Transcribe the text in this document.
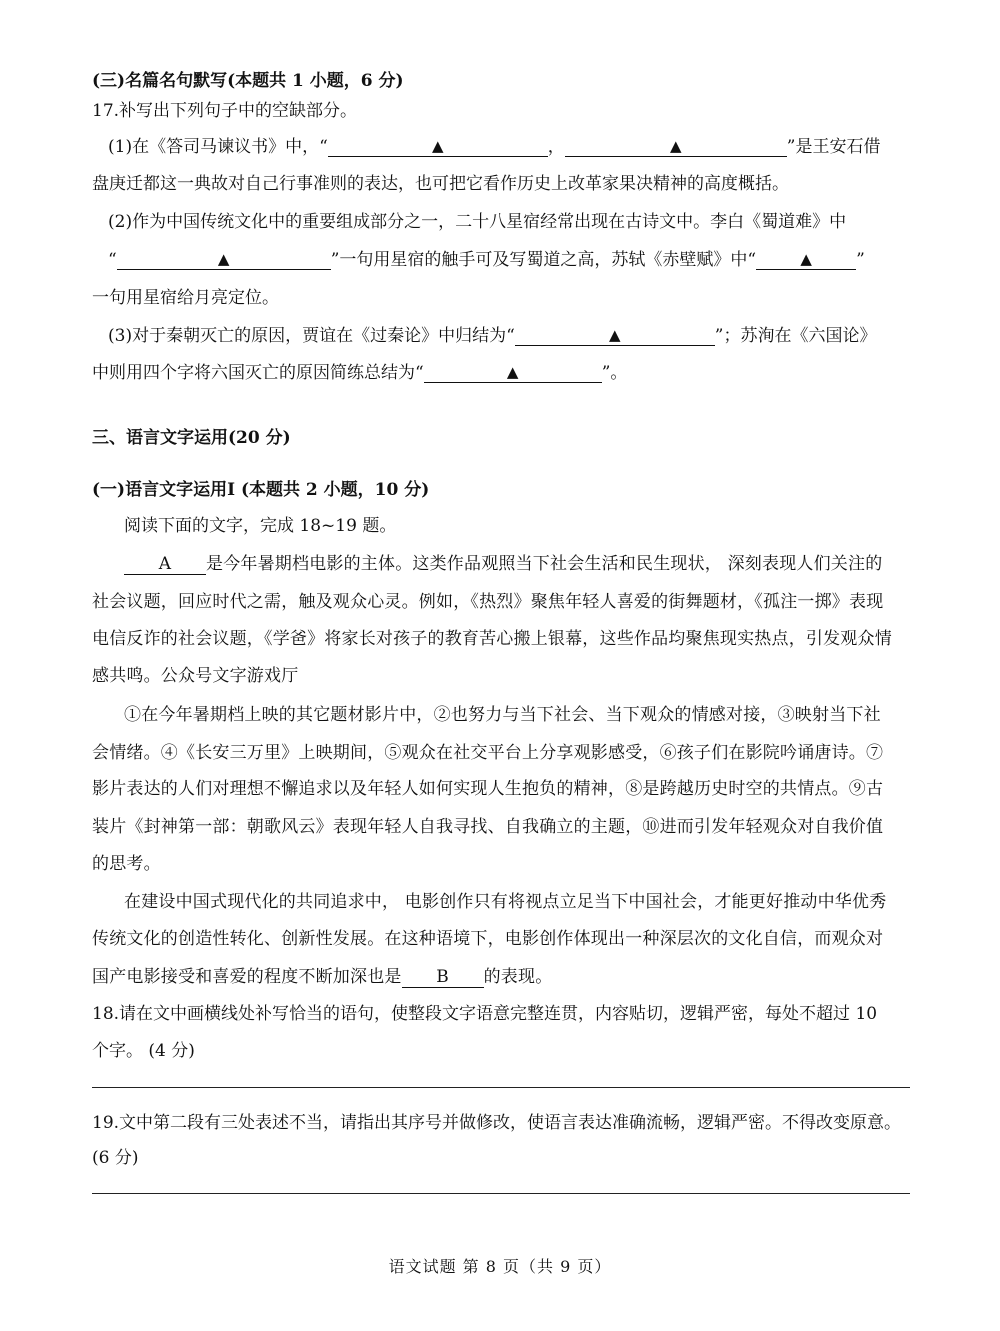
(三)名篇名句默写(本题共 1 小题，6 分)
17.补写出下列句子中的空缺部分。
(1)在《答司马谏议书》中，“	▲	，	▲	”是王安石借
盘庚迁都这一典故对自己行事准则的表达，也可把它看作历史上改革家果决精神的高度概括。
(2)作为中国传统文化中的重要组成部分之一，二十八星宿经常出现在古诗文中。李白《蜀道难》中
“	▲	”一句用星宿的触手可及写蜀道之高，苏轼《赤壁赋》中“	▲	”
一句用星宿给月亮定位。
(3)对于秦朝灭亡的原因，贾谊在《过秦论》中归结为“	▲	”；苏洵在《六国论》
中则用四个字将六国灭亡的原因简练总结为“	▲	”。
三、语言文字运用(20 分)
(一)语言文字运用Ⅰ (本题共 2 小题，10 分)
阅读下面的文字，完成 18~19 题。
A 是今年暑期档电影的主体。这类作品观照当下社会生活和民生现状， 深刻表现人们关注的
社会议题，回应时代之需，触及观众心灵。例如，《热烈》聚焦年轻人喜爱的街舞题材，《孤注一掷》表现
电信反诈的社会议题，《学爸》将家长对孩子的教育苦心搬上银幕，这些作品均聚焦现实热点，引发观众情
感共鸣。公众号文字游戏厅
①在今年暑期档上映的其它题材影片中，②也努力与当下社会、当下观众的情感对接，③映射当下社
会情绪。④《长安三万里》上映期间，⑤观众在社交平台上分享观影感受，⑥孩子们在影院吟诵唐诗。⑦
影片表达的人们对理想不懈追求以及年轻人如何实现人生抱负的精神，⑧是跨越历史时空的共情点。⑨古
装片《封神第一部：朝歌风云》表现年轻人自我寻找、自我确立的主题，⑩进而引发年轻观众对自我价值
的思考。
在建设中国式现代化的共同追求中， 电影创作只有将视点立足当下中国社会，才能更好推动中华优秀
传统文化的创造性转化、创新性发展。在这种语境下，电影创作体现出一种深层次的文化自信，而观众对
国产电影接受和喜爱的程度不断加深也是 B 的表现。
18.请在文中画横线处补写恰当的语句，使整段文字语意完整连贯，内容贴切，逻辑严密，每处不超过 10
个字。 (4 分)
19.文中第二段有三处表述不当，请指出其序号并做修改，使语言表达准确流畅，逻辑严密。不得改变原意。
(6 分)
语文试题 第 8 页（共 9 页）
